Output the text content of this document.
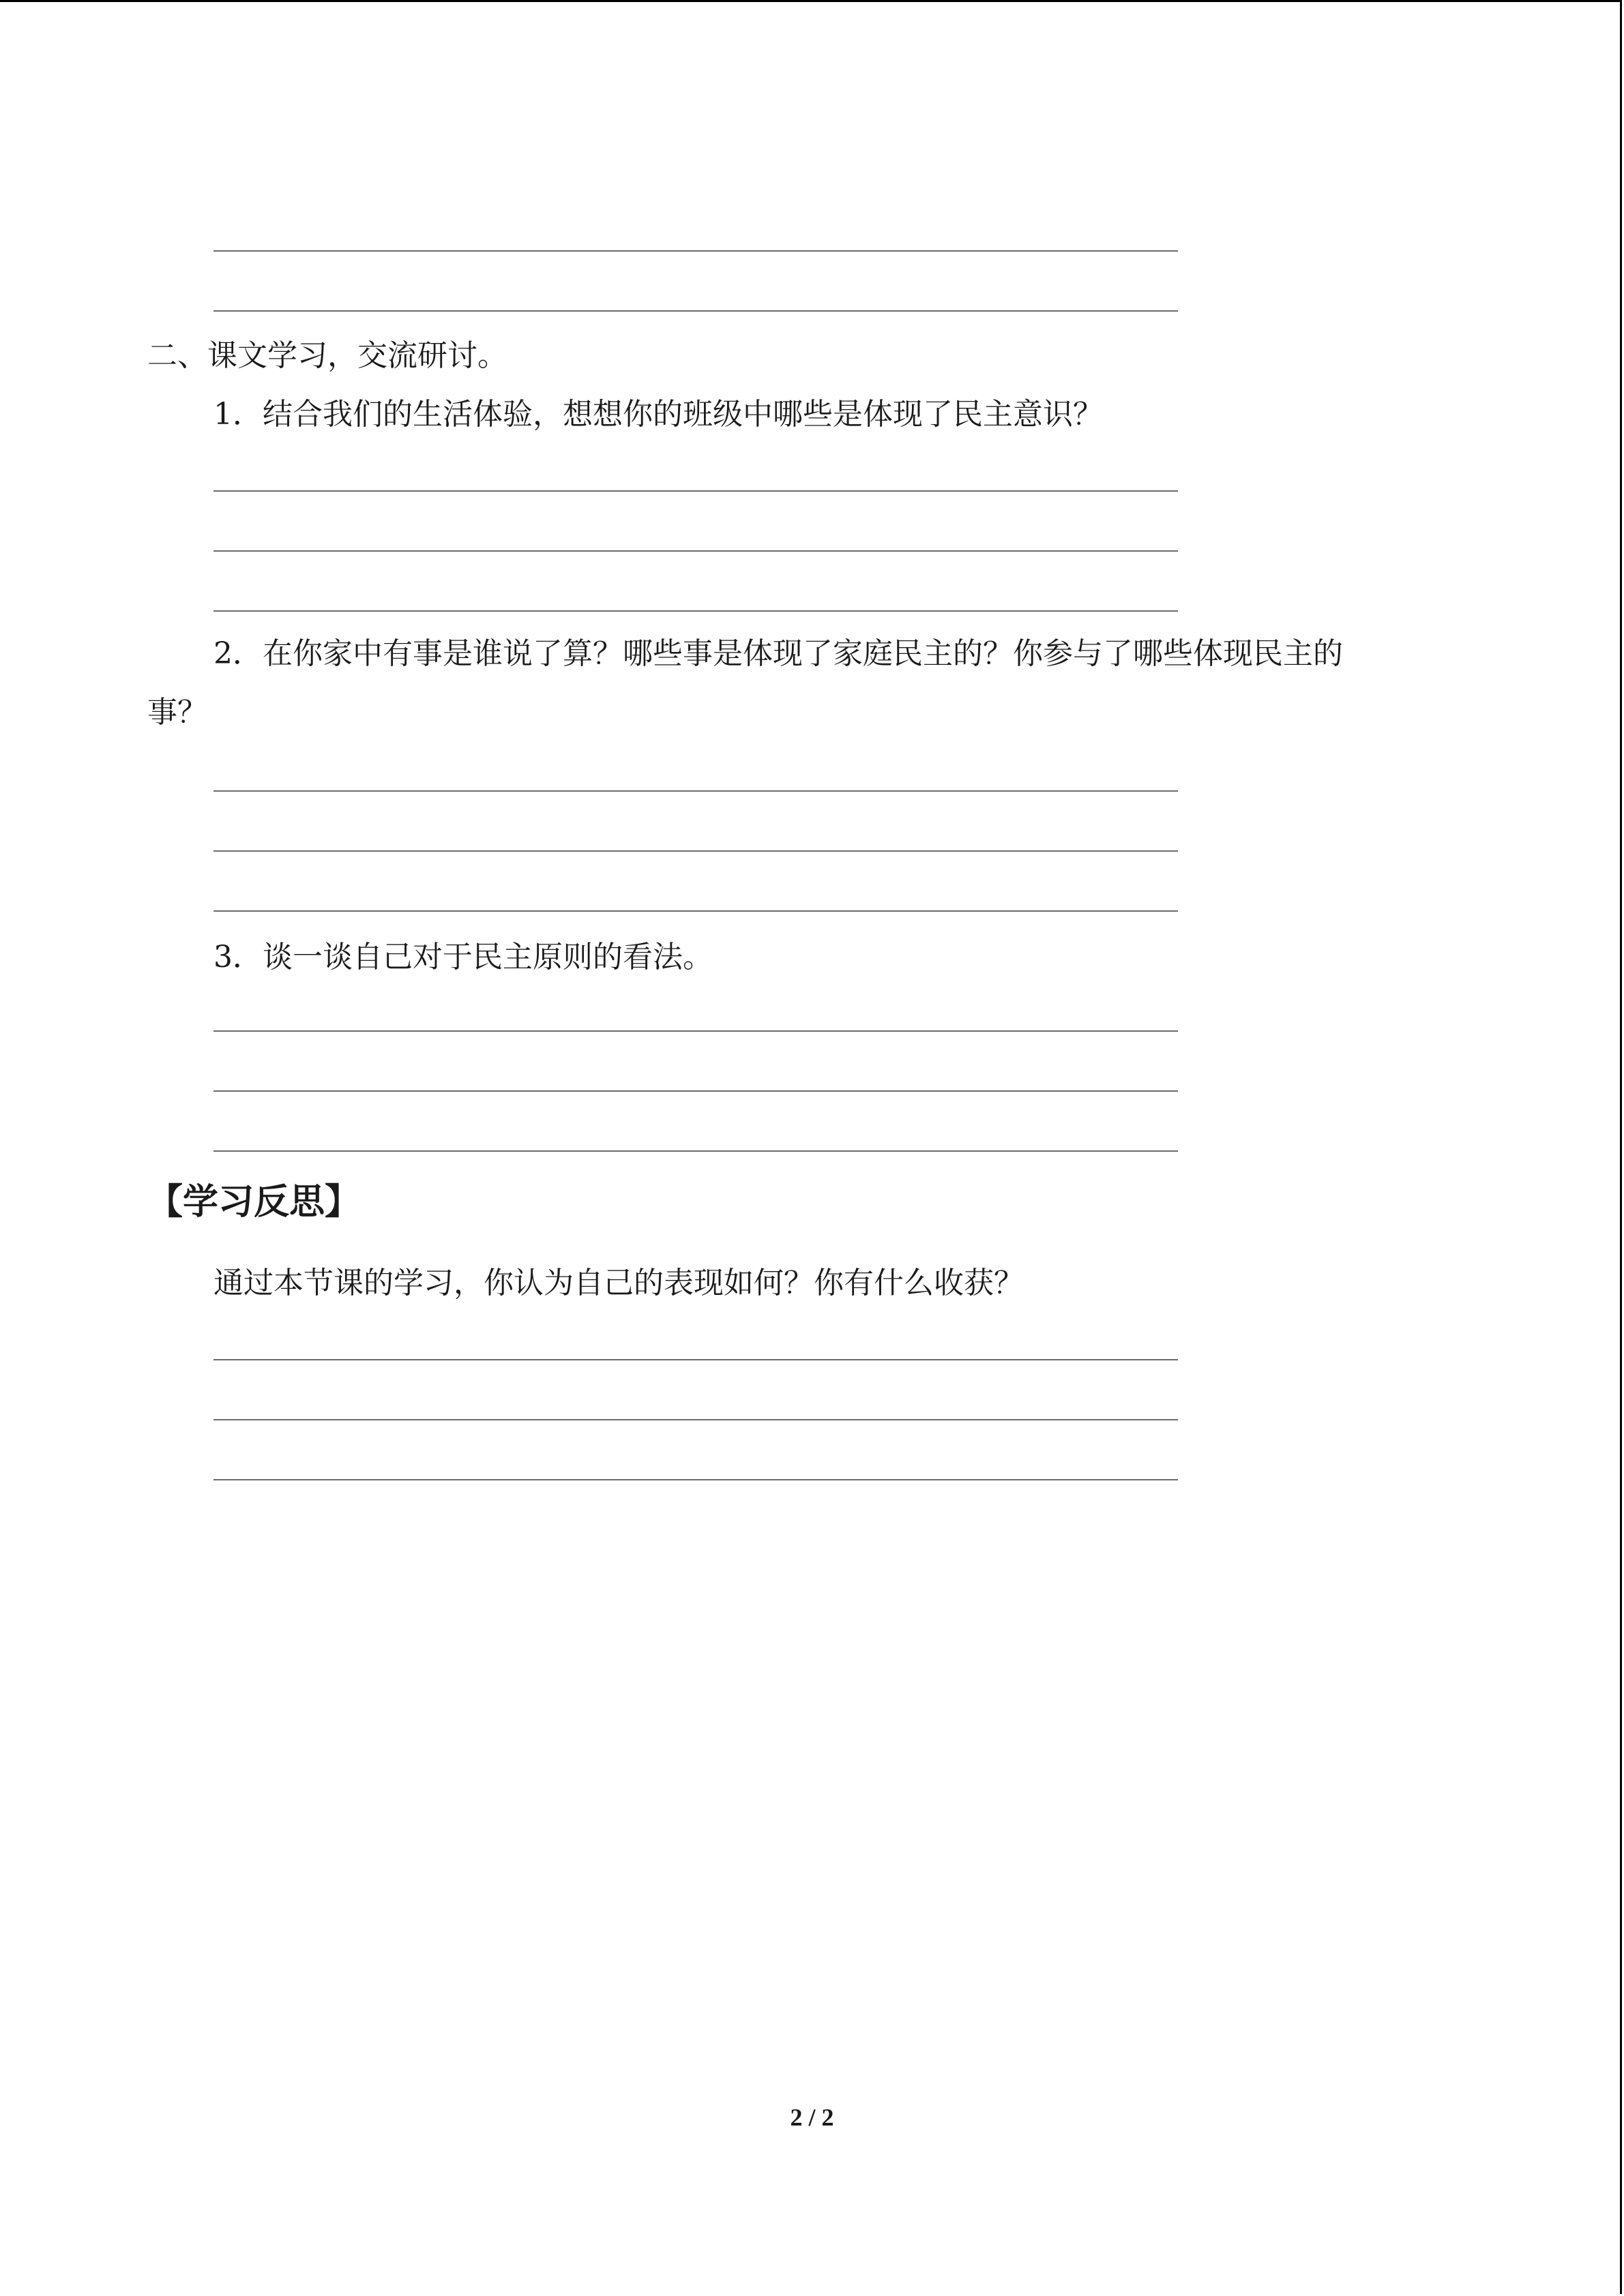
二、课文学习，交流研讨。
1．结合我们的生活体验，想想你的班级中哪些是体现了民主意识？
2．在你家中有事是谁说了算？哪些事是体现了家庭民主的？你参与了哪些体现民主的
事？
3．谈一谈自己对于民主原则的看法。
【学习反思】
通过本节课的学习，你认为自己的表现如何？你有什么收获？
2 / 2
